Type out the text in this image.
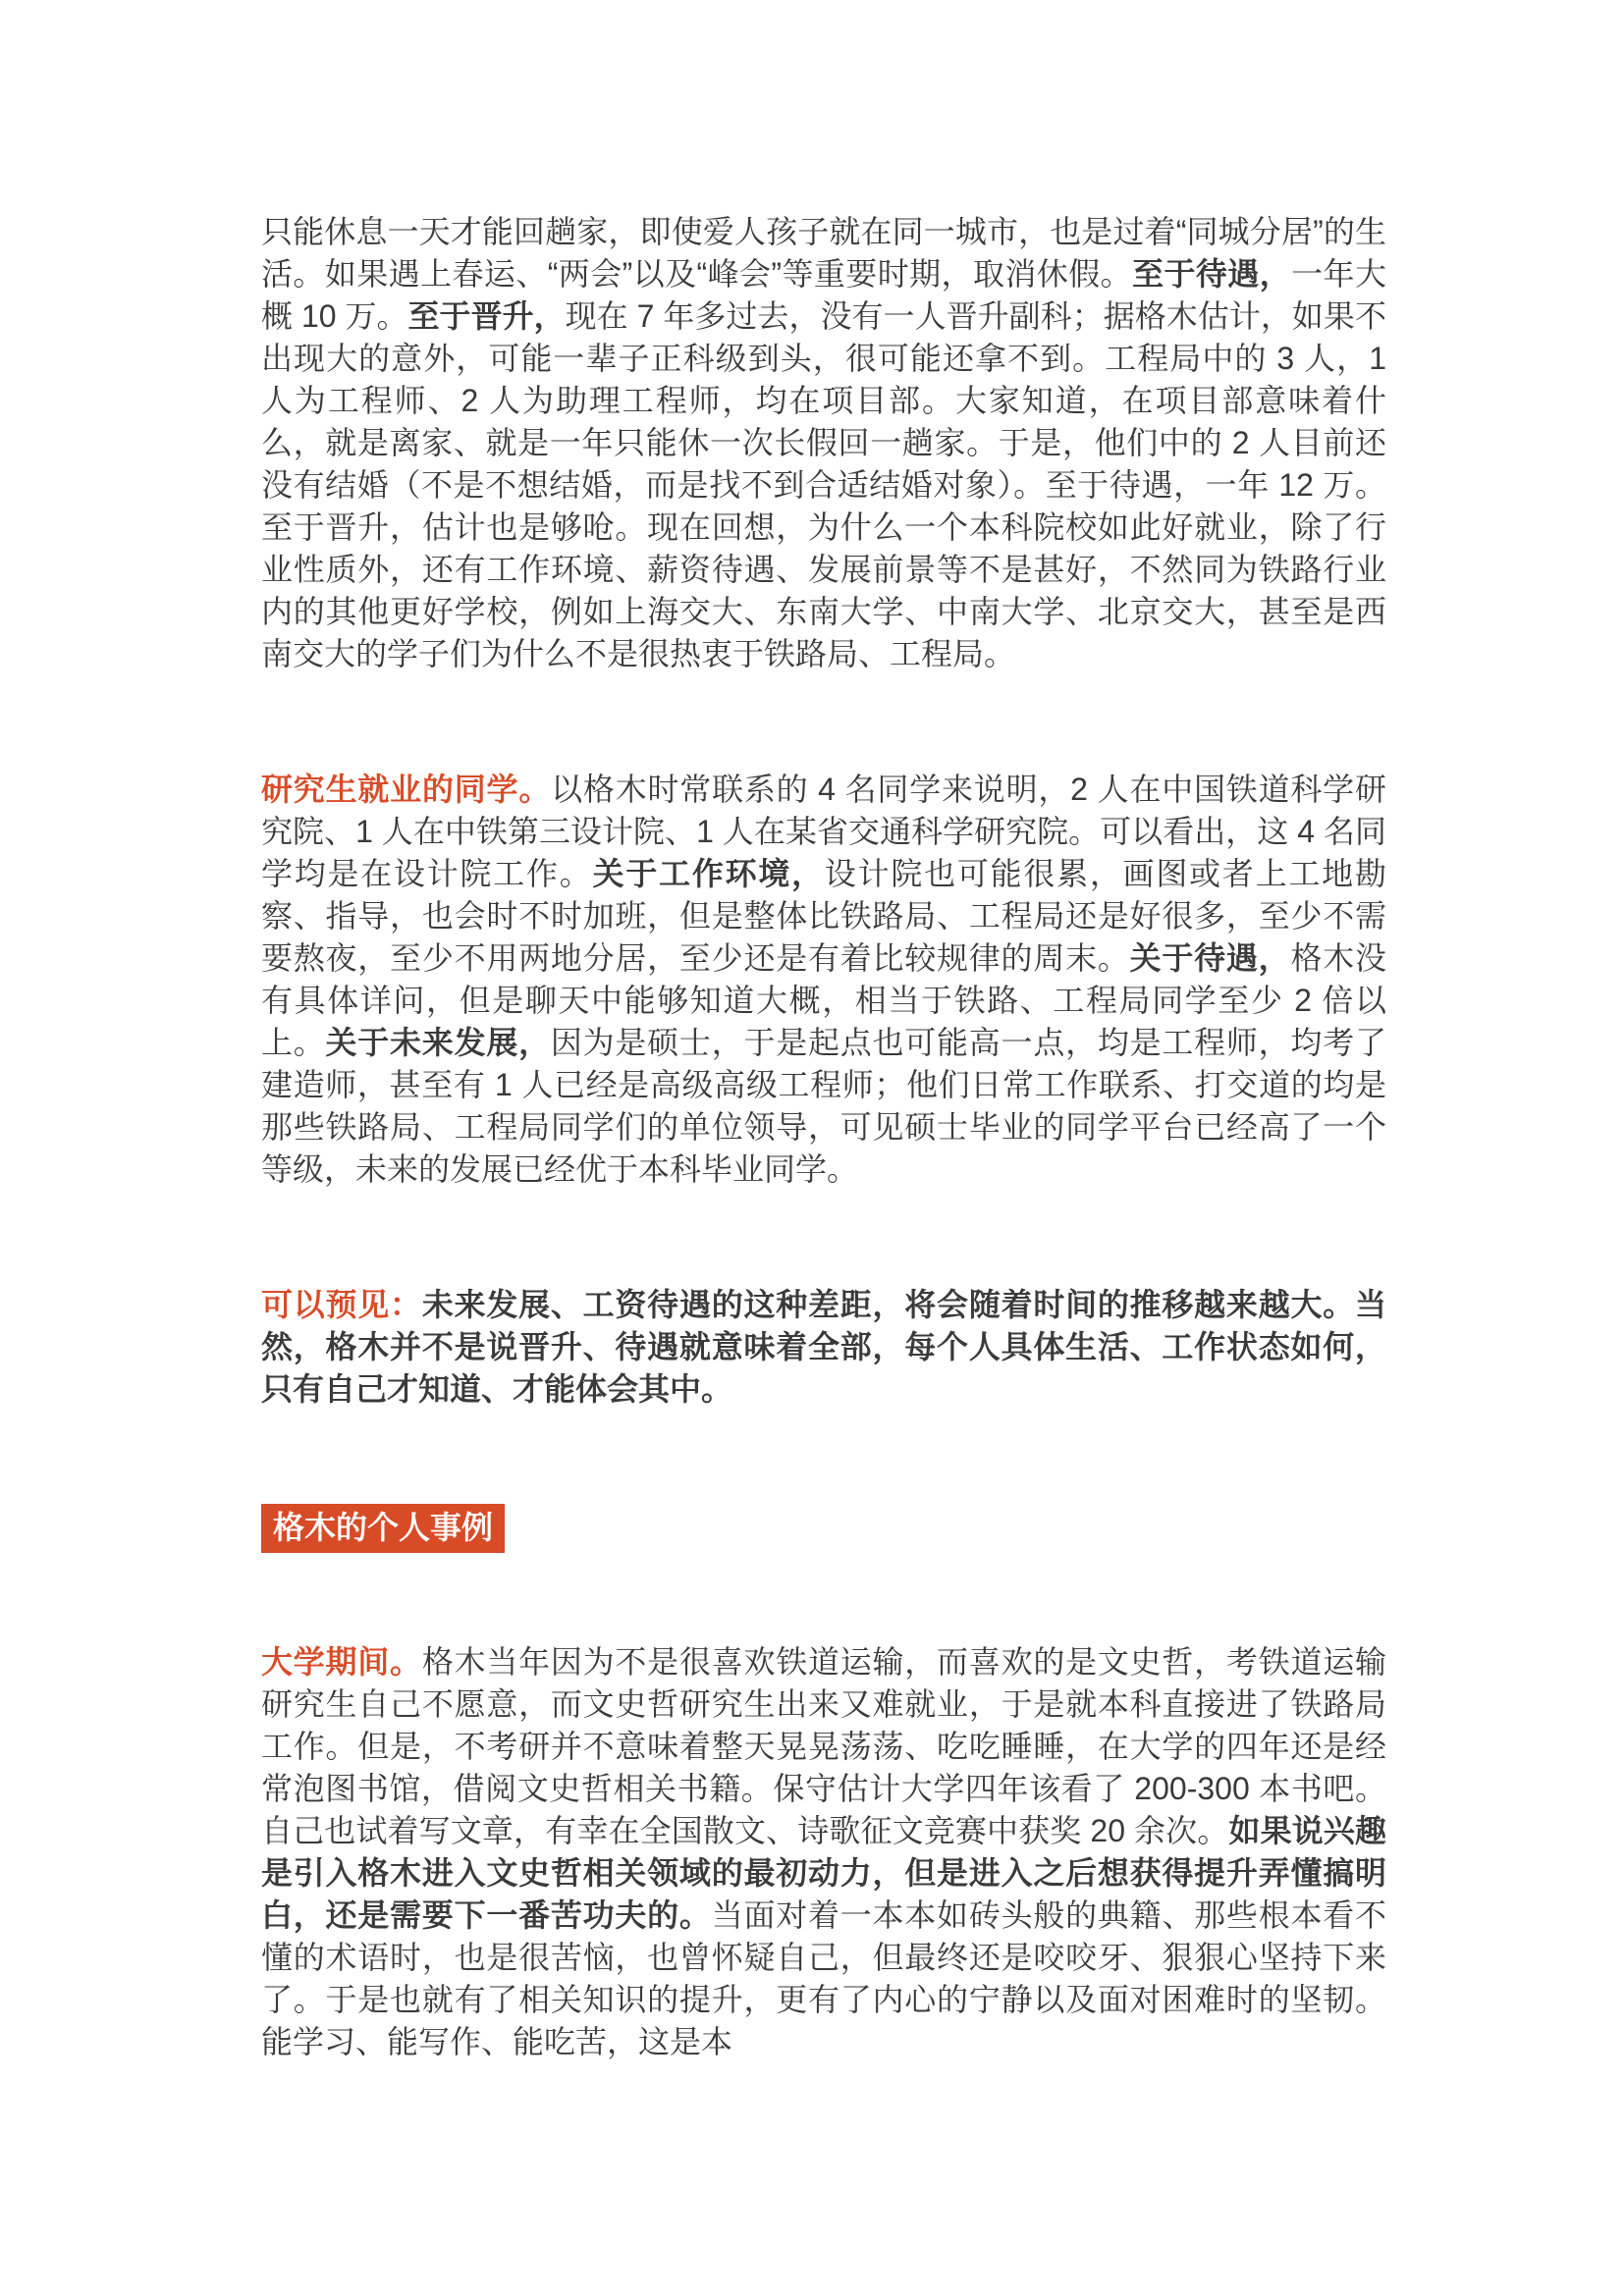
只能休息一天才能回趟家，即使爱人孩子就在同一城市，也是过着“同城分居”的生活。如果遇上春运、“两会”以及“峰会”等重要时期，取消休假。至于待遇，一年大概 10 万。至于晋升，现在 7 年多过去，没有一人晋升副科；据格木估计，如果不出现大的意外，可能一辈子正科级到头，很可能还拿不到。工程局中的 3 人，1 人为工程师、2 人为助理工程师，均在项目部。大家知道，在项目部意味着什么，就是离家、就是一年只能休一次长假回一趟家。于是，他们中的 2 人目前还没有结婚（不是不想结婚，而是找不到合适结婚对象）。至于待遇，一年 12 万。至于晋升，估计也是够呛。现在回想，为什么一个本科院校如此好就业，除了行业性质外，还有工作环境、薪资待遇、发展前景等不是甚好，不然同为铁路行业内的其他更好学校，例如上海交大、东南大学、中南大学、北京交大，甚至是西南交大的学子们为什么不是很热衷于铁路局、工程局。

研究生就业的同学。以格木时常联系的 4 名同学来说明，2 人在中国铁道科学研究院、1 人在中铁第三设计院、1 人在某省交通科学研究院。可以看出，这 4 名同学均是在设计院工作。关于工作环境，设计院也可能很累，画图或者上工地勘察、指导，也会时不时加班，但是整体比铁路局、工程局还是好很多，至少不需要熬夜，至少不用两地分居，至少还是有着比较规律的周末。关于待遇，格木没有具体详问，但是聊天中能够知道大概，相当于铁路、工程局同学至少 2 倍以上。关于未来发展，因为是硕士，于是起点也可能高一点，均是工程师，均考了建造师，甚至有 1 人已经是高级高级工程师；他们日常工作联系、打交道的均是那些铁路局、工程局同学们的单位领导，可见硕士毕业的同学平台已经高了一个等级，未来的发展已经优于本科毕业同学。

可以预见：未来发展、工资待遇的这种差距，将会随着时间的推移越来越大。当然，格木并不是说晋升、待遇就意味着全部，每个人具体生活、工作状态如何，只有自己才知道、才能体会其中。

格木的个人事例

大学期间。格木当年因为不是很喜欢铁道运输，而喜欢的是文史哲，考铁道运输研究生自己不愿意，而文史哲研究生出来又难就业，于是就本科直接进了铁路局工作。但是，不考研并不意味着整天晃晃荡荡、吃吃睡睡，在大学的四年还是经常泡图书馆，借阅文史哲相关书籍。保守估计大学四年该看了 200-300 本书吧。自己也试着写文章，有幸在全国散文、诗歌征文竞赛中获奖 20 余次。如果说兴趣是引入格木进入文史哲相关领域的最初动力，但是进入之后想获得提升弄懂搞明白，还是需要下一番苦功夫的。当面对着一本本如砖头般的典籍、那些根本看不懂的术语时，也是很苦恼，也曾怀疑自己，但最终还是咬咬牙、狠狠心坚持下来了。于是也就有了相关知识的提升，更有了内心的宁静以及面对困难时的坚韧。能学习、能写作、能吃苦，这是本
